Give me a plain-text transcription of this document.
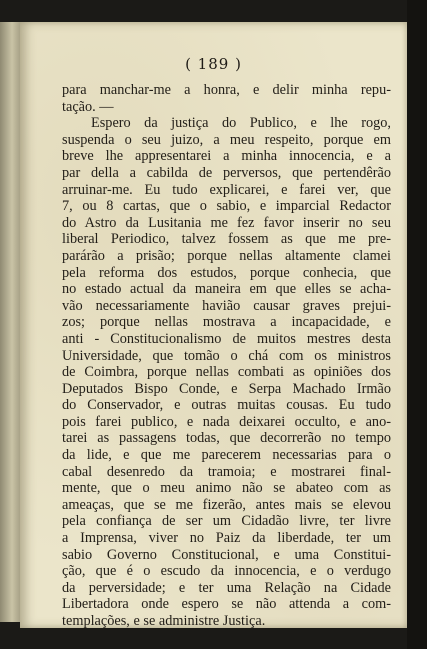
( 189 )
para manchar-me a honra, e delir minha repu-
tação. —
Espero da justiça do Publico, e lhe rogo,
suspenda o seu juizo, a meu respeito, porque em
breve lhe appresentarei a minha innocencia, e a
par della a cabilda de perversos, que pertendêrão
arruinar-me. Eu tudo explicarei, e farei ver, que
7, ou 8 cartas, que o sabio, e imparcial Redactor
do Astro da Lusitania me fez favor inserir no seu
liberal Periodico, talvez fossem as que me pre-
parárão a prisão; porque nellas altamente clamei
pela reforma dos estudos, porque conhecia, que
no estado actual da maneira em que elles se acha-
vão necessariamente havião causar graves prejui-
zos; porque nellas mostrava a incapacidade, e
anti - Constitucionalismo de muitos mestres desta
Universidade, que tomão o chá com os ministros
de Coimbra, porque nellas combati as opiniões dos
Deputados Bispo Conde, e Serpa Machado Irmão
do Conservador, e outras muitas cousas. Eu tudo
pois farei publico, e nada deixarei occulto, e ano-
tarei as passagens todas, que decorrerão no tempo
da lide, e que me parecerem necessarias para o
cabal desenredo da tramoia; e mostrarei final-
mente, que o meu animo não se abateo com as
ameaças, que se me fizerão, antes mais se elevou
pela confiança de ser um Cidadão livre, ter livre
a Imprensa, viver no Paiz da liberdade, ter um
sabio Governo Constitucional, e uma Constitui-
ção, que é o escudo da innocencia, e o verdugo
da perversidade; e ter uma Relação na Cidade
Libertadora onde espero se não attenda a com-
templações, e se administre Justiça.
